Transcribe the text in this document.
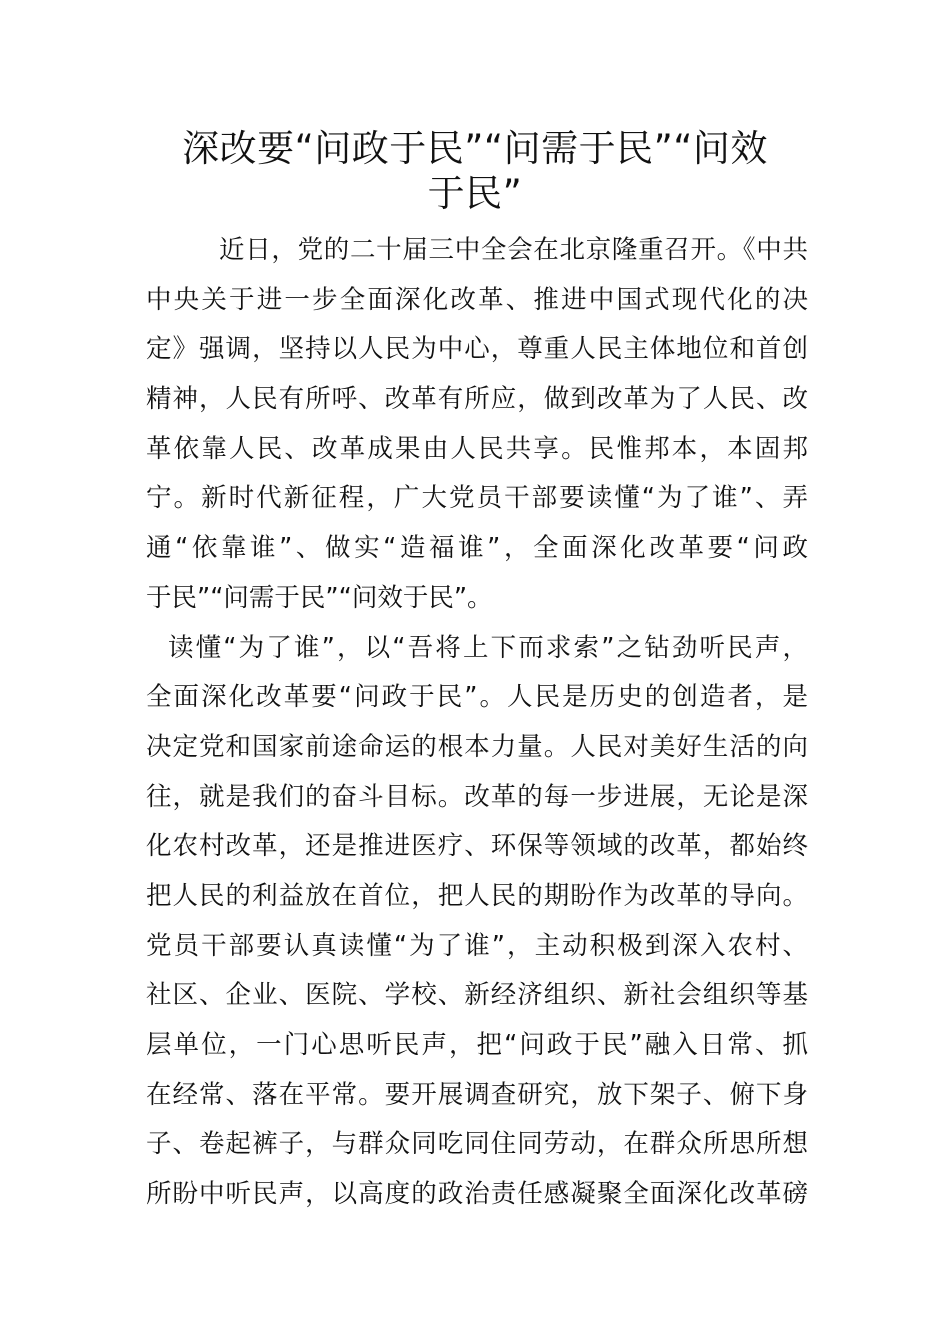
深改要“问政于民”“问需于民”“问效
于民”
近日，党的二十届三中全会在北京隆重召开。《中共
中央关于进一步全面深化改革、推进中国式现代化的决
定》强调，坚持以人民为中心，尊重人民主体地位和首创
精神，人民有所呼、改革有所应，做到改革为了人民、改
革依靠人民、改革成果由人民共享。民惟邦本，本固邦
宁。新时代新征程，广大党员干部要读懂“为了谁”、弄
通“依靠谁”、做实“造福谁”，全面深化改革要“问政
于民”“问需于民”“问效于民”。
读懂“为了谁”，以“吾将上下而求索”之钻劲听民声，
全面深化改革要“问政于民”。人民是历史的创造者，是
决定党和国家前途命运的根本力量。人民对美好生活的向
往，就是我们的奋斗目标。改革的每一步进展，无论是深
化农村改革，还是推进医疗、环保等领域的改革，都始终
把人民的利益放在首位，把人民的期盼作为改革的导向。
党员干部要认真读懂“为了谁”，主动积极到深入农村、
社区、企业、医院、学校、新经济组织、新社会组织等基
层单位，一门心思听民声，把“问政于民”融入日常、抓
在经常、落在平常。要开展调查研究，放下架子、俯下身
子、卷起裤子，与群众同吃同住同劳动，在群众所思所想
所盼中听民声，以高度的政治责任感凝聚全面深化改革磅
